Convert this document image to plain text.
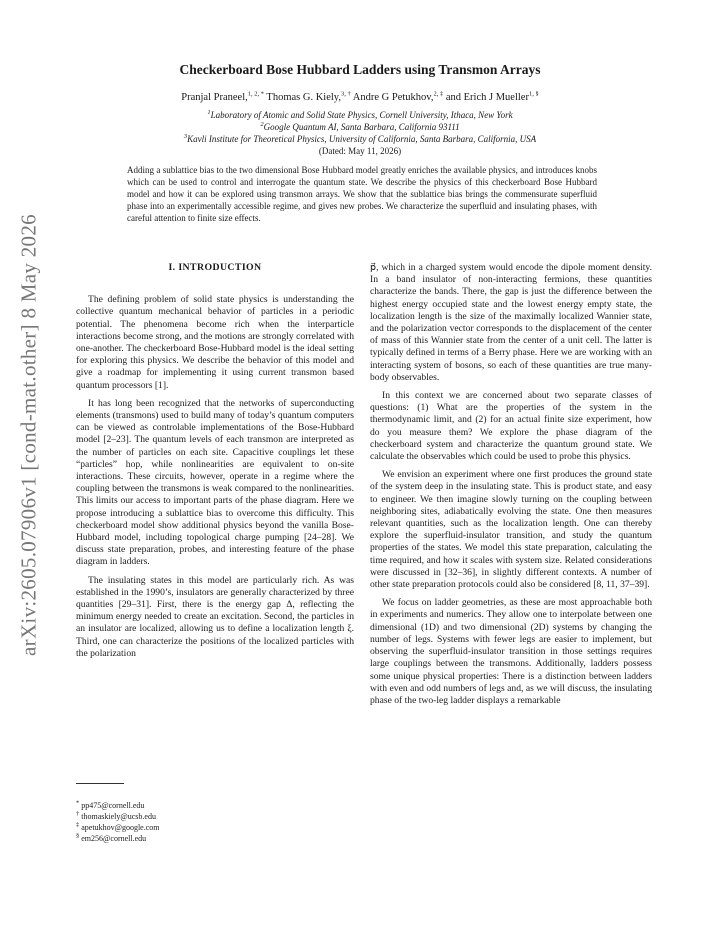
arXiv:2605.07906v1 [cond-mat.other] 8 May 2026
Checkerboard Bose Hubbard Ladders using Transmon Arrays
Pranjal Praneel,$^{1, 2, *}$ Thomas G. Kiely,$^{3, \dagger}$ Andre G Petukhov,$^{2, \ddagger}$ and Erich J Mueller$^{1, \S}$
$^1$Laboratory of Atomic and Solid State Physics, Cornell University, Ithaca, New York
$^2$Google Quantum AI, Santa Barbara, California 93111
$^3$Kavli Institute for Theoretical Physics, University of California, Santa Barbara, California, USA
(Dated: May 11, 2026)
Adding a sublattice bias to the two dimensional Bose Hubbard model greatly enriches the available physics, and introduces knobs which can be used to control and interrogate the quantum state. We describe the physics of this checkerboard Bose Hubbard model and how it can be explored using transmon arrays. We show that the sublattice bias brings the commensurate superfluid phase into an experimentally accessible regime, and gives new probes. We characterize the superfluid and insulating phases, with careful attention to finite size effects.
I. INTRODUCTION

The defining problem of solid state physics is understanding the collective quantum mechanical behavior of particles in a periodic potential. The phenomena become rich when the interparticle interactions become strong, and the motions are strongly correlated with one-another. The checkerboard Bose-Hubbard model is the ideal setting for exploring this physics. We describe the behavior of this model and give a roadmap for implementing it using current transmon based quantum processors [1].

It has long been recognized that the networks of superconducting elements (transmons) used to build many of today’s quantum computers can be viewed as controlable implementations of the Bose-Hubbard model [2–23]. The quantum levels of each transmon are interpreted as the number of particles on each site. Capacitive couplings let these “particles” hop, while nonlinearities are equivalent to on-site interactions. These circuits, however, operate in a regime where the coupling between the transmons is weak compared to the nonlinearities. This limits our access to important parts of the phase diagram. Here we propose introducing a sublattice bias to overcome this difficulty. This checkerboard model show additional physics beyond the vanilla Bose-Hubbard model, including topological charge pumping [24–28]. We discuss state preparation, probes, and interesting feature of the phase diagram in ladders.

The insulating states in this model are particularly rich. As was established in the 1990’s, insulators are generally characterized by three quantities [29–31]. First, there is the energy gap Δ, reflecting the minimum energy needed to create an excitation. Second, the particles in an insulator are localized, allowing us to define a localization length ξ. Third, one can characterize the positions of the localized particles with the polarization

p⃗, which in a charged system would encode the dipole moment density. In a band insulator of non-interacting fermions, these quantities characterize the bands. There, the gap is just the difference between the highest energy occupied state and the lowest energy empty state, the localization length is the size of the maximally localized Wannier state, and the polarization vector corresponds to the displacement of the center of mass of this Wannier state from the center of a unit cell. The latter is typically defined in terms of a Berry phase. Here we are working with an interacting system of bosons, so each of these quantities are true many-body observables.

In this context we are concerned about two separate classes of questions: (1) What are the properties of the system in the thermodynamic limit, and (2) for an actual finite size experiment, how do you measure them? We explore the phase diagram of the checkerboard system and characterize the quantum ground state. We calculate the observables which could be used to probe this physics.

We envision an experiment where one first produces the ground state of the system deep in the insulating state. This is product state, and easy to engineer. We then imagine slowly turning on the coupling between neighboring sites, adiabatically evolving the state. One then measures relevant quantities, such as the localization length. One can thereby explore the superfluid-insulator transition, and study the quantum properties of the states. We model this state preparation, calculating the time required, and how it scales with system size. Related considerations were discussed in [32–36], in slightly different contexts. A number of other state preparation protocols could also be considered [8, 11, 37–39].

We focus on ladder geometries, as these are most approachable both in experiments and numerics. They allow one to interpolate between one dimensional (1D) and two dimensional (2D) systems by changing the number of legs. Systems with fewer legs are easier to implement, but observing the superfluid-insulator transition in those settings requires large couplings between the transmons. Additionally, ladders possess some unique physical properties: There is a distinction between ladders with even and odd numbers of legs and, as we will discuss, the insulating phase of the two-leg ladder displays a remarkable

* pp475@cornell.edu
† thomaskiely@ucsb.edu
‡ apetukhov@google.com
§ em256@cornell.edu
